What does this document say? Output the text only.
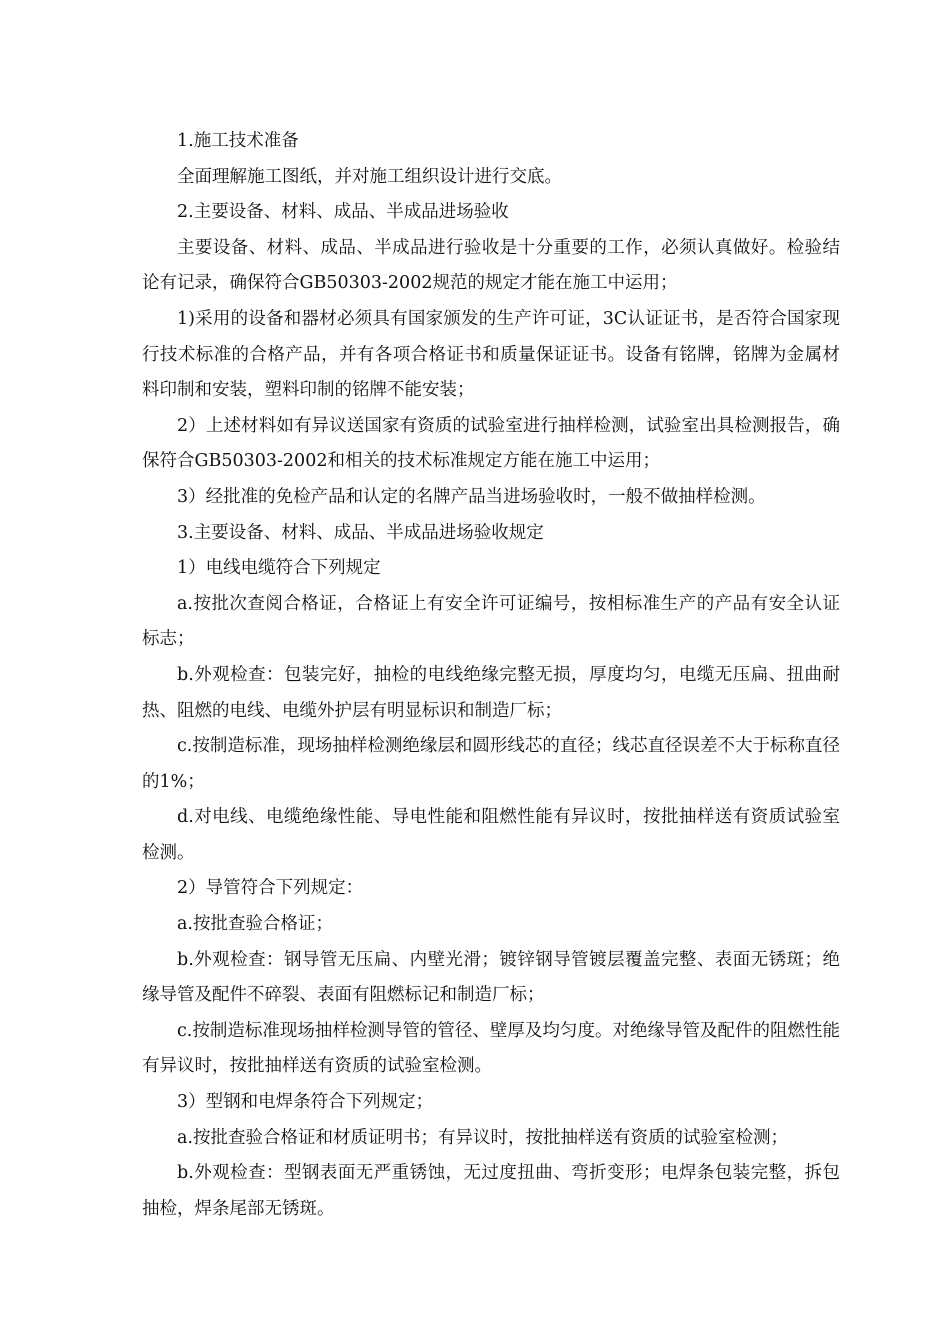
1.施工技术准备

全面理解施工图纸，并对施工组织设计进行交底。

2.主要设备、材料、成品、半成品进场验收

主要设备、材料、成品、半成品进行验收是十分重要的工作，必须认真做好。检验结论有记录，确保符合GB50303-2002规范的规定才能在施工中运用；

1)采用的设备和器材必须具有国家颁发的生产许可证，3C认证证书，是否符合国家现行技术标准的合格产品，并有各项合格证书和质量保证证书。设备有铭牌，铭牌为金属材料印制和安装，塑料印制的铭牌不能安装；

2）上述材料如有异议送国家有资质的试验室进行抽样检测，试验室出具检测报告，确保符合GB50303-2002和相关的技术标准规定方能在施工中运用；

3）经批准的免检产品和认定的名牌产品当进场验收时，一般不做抽样检测。

3.主要设备、材料、成品、半成品进场验收规定

1）电线电缆符合下列规定

a.按批次查阅合格证，合格证上有安全许可证编号，按相标准生产的产品有安全认证标志；

b.外观检查：包装完好，抽检的电线绝缘完整无损，厚度均匀，电缆无压扁、扭曲耐热、阻燃的电线、电缆外护层有明显标识和制造厂标；

c.按制造标准，现场抽样检测绝缘层和圆形线芯的直径；线芯直径误差不大于标称直径的1%；

d.对电线、电缆绝缘性能、导电性能和阻燃性能有异议时，按批抽样送有资质试验室检测。

2）导管符合下列规定：

a.按批查验合格证；

b.外观检查：钢导管无压扁、内壁光滑；镀锌钢导管镀层覆盖完整、表面无锈斑；绝缘导管及配件不碎裂、表面有阻燃标记和制造厂标；

c.按制造标准现场抽样检测导管的管径、壁厚及均匀度。对绝缘导管及配件的阻燃性能有异议时，按批抽样送有资质的试验室检测。

3）型钢和电焊条符合下列规定；

a.按批查验合格证和材质证明书；有异议时，按批抽样送有资质的试验室检测；

b.外观检查：型钢表面无严重锈蚀，无过度扭曲、弯折变形；电焊条包装完整，拆包抽检，焊条尾部无锈斑。
